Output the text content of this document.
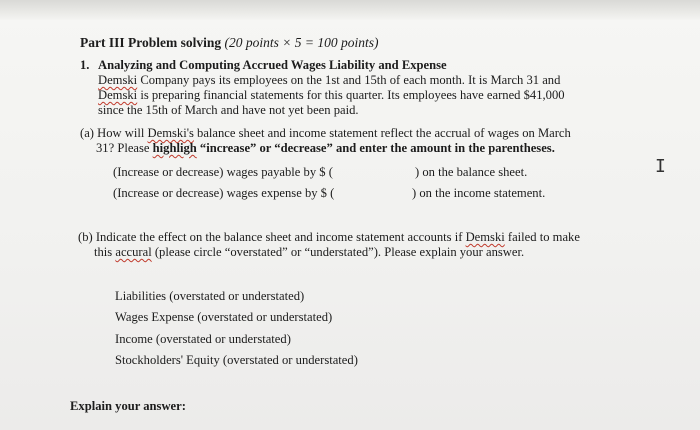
Part III Problem solving (20 points × 5 = 100 points)
1. Analyzing and Computing Accrued Wages Liability and Expense
Demski Company pays its employees on the 1st and 15th of each month. It is March 31 and
Demski is preparing financial statements for this quarter. Its employees have earned $41,000
since the 15th of March and have not yet been paid.
(a) How will Demski's balance sheet and income statement reflect the accrual of wages on March
31? Please highligh “increase” or “decrease” and enter the amount in the parentheses.
(Increase or decrease) wages payable by $ (	) on the balance sheet.
(Increase or decrease) wages expense by $ (	) on the income statement.
(b) Indicate the effect on the balance sheet and income statement accounts if Demski failed to make
this accural (please circle “overstated” or “understated”). Please explain your answer.
Liabilities (overstated or understated)
Wages Expense (overstated or understated)
Income (overstated or understated)
Stockholders' Equity (overstated or understated)
Explain your answer:
I
